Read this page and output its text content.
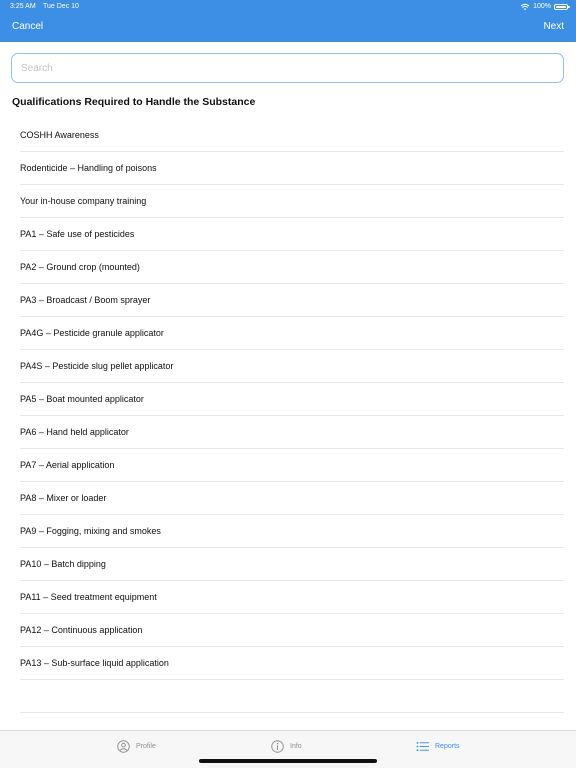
3:25 AM Tue Dec 10	100%
Cancel	Next
Search
Qualifications Required to Handle the Substance
COSHH Awareness
Rodenticide – Handling of poisons
Your in-house company training
PA1 – Safe use of pesticides
PA2 – Ground crop (mounted)
PA3 – Broadcast / Boom sprayer
PA4G – Pesticide granule applicator
PA4S – Pesticide slug pellet applicator
PA5 – Boat mounted applicator
PA6 – Hand held applicator
PA7 – Aerial application
PA8 – Mixer or loader
PA9 – Fogging, mixing and smokes
PA10 – Batch dipping
PA11 – Seed treatment equipment
PA12 – Continuous application
PA13 – Sub-surface liquid application
Profile	Info	Reports
